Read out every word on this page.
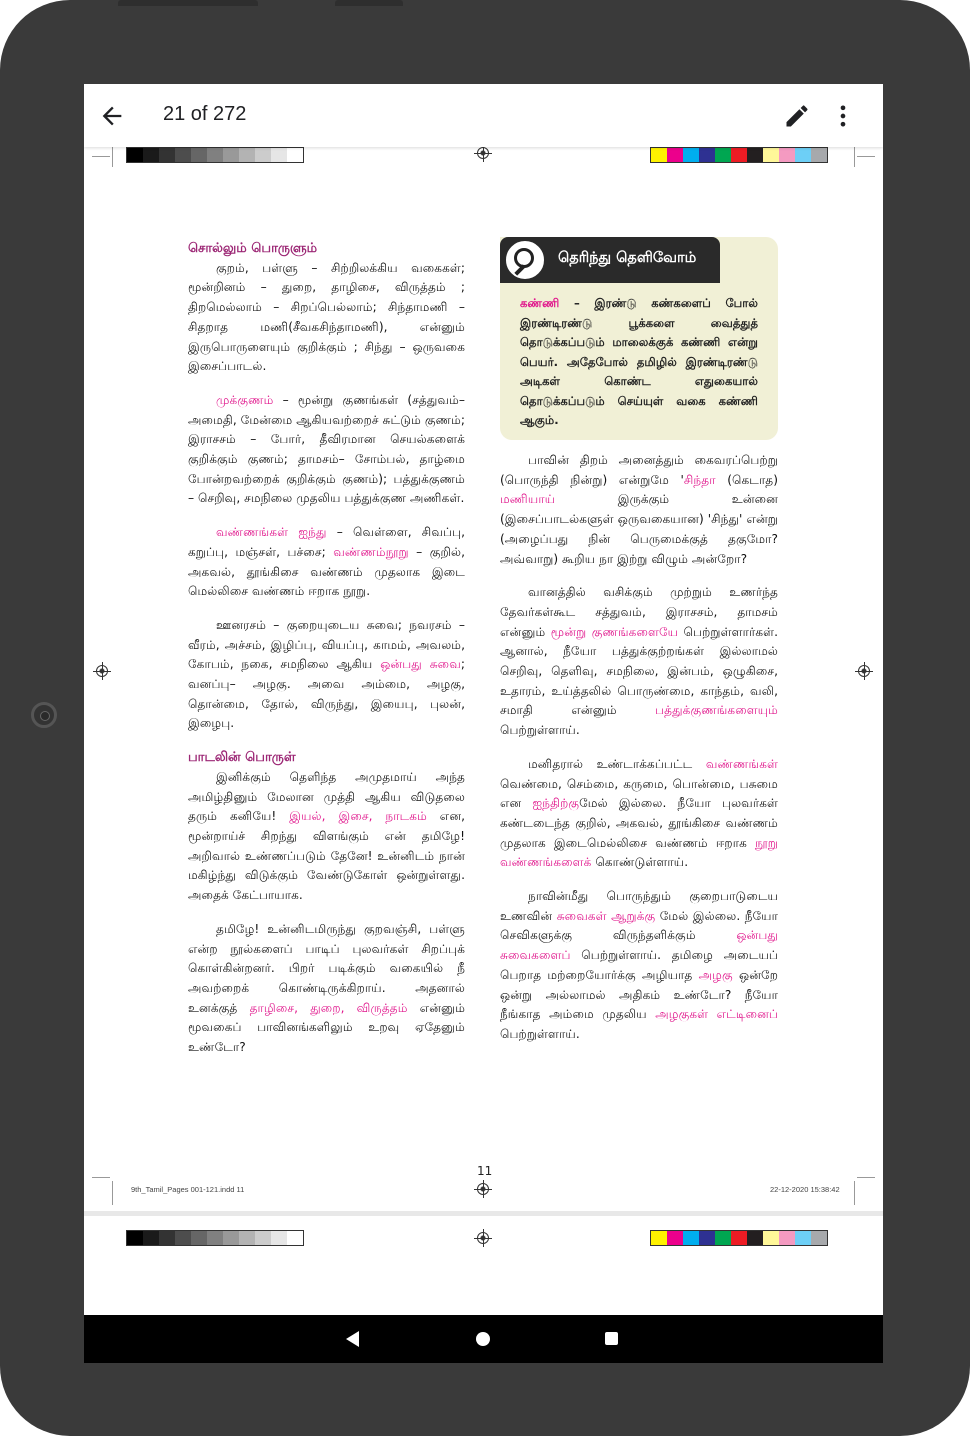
21 of 272

சொல்லும் பொருளும்

குறம், பள்ளு – சிற்றிலக்கிய வகைகள்; மூன்றினம் – துறை, தாழிசை, விருத்தம் ; திறமெல்லாம் – சிறப்பெல்லாம்; சிந்தாமணி – சிதறாத மணி(சீவகசிந்தாமணி), என்னும் இருபொருளையும் குறிக்கும் ; சிந்து – ஒருவகை இசைப்பாடல்.

முக்குணம் – மூன்று குணங்கள் (சத்துவம்–அமைதி, மேன்மை ஆகியவற்றைச் சுட்டும் குணம்; இராசசம் – போர், தீவிரமான செயல்களைக் குறிக்கும் குணம்; தாமசம்– சோம்பல், தாழ்மை போன்றவற்றைக் குறிக்கும் குணம்); பத்துக்குணம் – செறிவு, சமநிலை முதலிய பத்துக்குண அணிகள்.

வண்ணங்கள் ஐந்து – வெள்ளை, சிவப்பு, கறுப்பு, மஞ்சள், பச்சை; வண்ணம்நூறு – குறில், அகவல், தூங்கிசை வண்ணம் முதலாக இடை மெல்லிசை வண்ணம் ஈறாக நூறு.

ஊனரசம் – குறையுடைய சுவை; நவரசம் – வீரம், அச்சம், இழிப்பு, வியப்பு, காமம், அவலம், கோபம், நகை, சமநிலை ஆகிய ஒன்பது சுவை; வனப்பு– அழகு. அவை அம்மை, அழகு, தொன்மை, தோல், விருந்து, இயைபு, புலன், இழைபு.

பாடலின் பொருள்

இனிக்கும் தெளிந்த அமுதமாய் அந்த அமிழ்தினும் மேலான முத்தி ஆகிய விடுதலை தரும் கனியே! இயல், இசை, நாடகம் என, மூன்றாய்ச் சிறந்து விளங்கும் என் தமிழே! அறிவால் உண்ணப்படும் தேனே! உன்னிடம் நான் மகிழ்ந்து விடுக்கும் வேண்டுகோள் ஒன்றுள்ளது. அதைக் கேட்பாயாக.

தமிழே! உன்னிடமிருந்து குறவஞ்சி, பள்ளு என்ற நூல்களைப் பாடிப் புலவர்கள் சிறப்புக் கொள்கின்றனர். பிறர் படிக்கும் வகையில் நீ அவற்றைக் கொண்டிருக்கிறாய். அதனால் உனக்குத் தாழிசை, துறை, விருத்தம் என்னும் மூவகைப் பாவினங்களிலும் உறவு ஏதேனும் உண்டோ?

தெரிந்து தெளிவோம்
கண்ணி – இரண்டு கண்களைப் போல் இரண்டிரண்டு பூக்களை வைத்துத் தொடுக்கப்படும் மாலைக்குக் கண்ணி என்று பெயர். அதேபோல் தமிழில் இரண்டிரண்டு அடிகள் கொண்ட எதுகையால் தொடுக்கப்படும் செய்யுள் வகை கண்ணி ஆகும்.

பாவின் திறம் அனைத்தும் கைவரப்பெற்று (பொருந்தி நின்று) என்றுமே 'சிந்தா (கெடாத) மணியாய் இருக்கும் உன்னை (இசைப்பாடல்களுள் ஒருவகையான) 'சிந்து' என்று (அழைப்பது நின் பெருமைக்குத் தகுமோ? அவ்வாறு) கூறிய நா இற்று விழும் அன்றோ?

வானத்தில் வசிக்கும் முற்றும் உணர்ந்த தேவர்கள்கூட சத்துவம், இராசசம், தாமசம் என்னும் மூன்று குணங்களையே பெற்றுள்ளார்கள். ஆனால், நீயோ பத்துக்குற்றங்கள் இல்லாமல் செறிவு, தெளிவு, சமநிலை, இன்பம், ஒழுகிசை, உதாரம், உய்த்தலில் பொருண்மை, காந்தம், வலி, சமாதி என்னும் பத்துக்குணங்களையும் பெற்றுள்ளாய்.

மனிதரால் உண்டாக்கப்பட்ட வண்ணங்கள் வெண்மை, செம்மை, கருமை, பொன்மை, பசுமை என ஐந்திற்குமேல் இல்லை. நீயோ புலவர்கள் கண்டடைந்த குறில், அகவல், தூங்கிசை வண்ணம் முதலாக இடைமெல்லிசை வண்ணம் ஈறாக நூறு வண்ணங்களைக் கொண்டுள்ளாய்.

நாவின்மீது பொருந்தும் குறைபாடுடைய உணவின் சுவைகள் ஆறுக்கு மேல் இல்லை. நீயோ செவிகளுக்கு விருந்தளிக்கும் ஒன்பது சுவைகளைப் பெற்றுள்ளாய். தமிழை அடையப் பெறாத மற்றையோர்க்கு அழியாத அழகு ஒன்றே ஒன்று அல்லாமல் அதிகம் உண்டோ? நீயோ நீங்காத அம்மை முதலிய அழகுகள் எட்டினைப் பெற்றுள்ளாய்.

11
9th_Tamil_Pages 001-121.indd 11	22-12-2020 15:38:42
